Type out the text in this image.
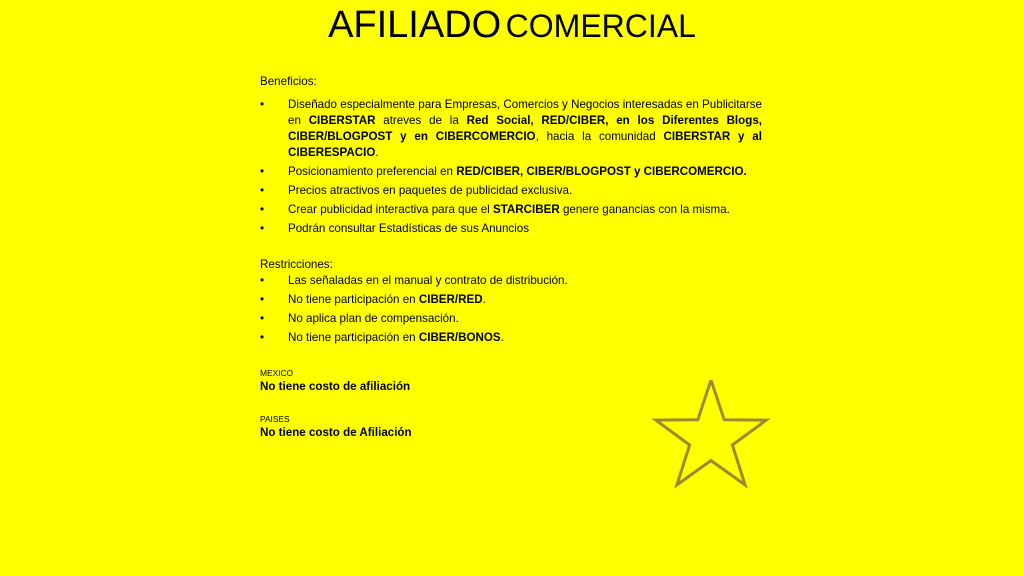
AFILIADO COMERCIAL

Beneficios:

• Diseñado especialmente para Empresas, Comercios y Negocios interesadas en Publicitarse en CIBERSTAR atreves de la Red Social, RED/CIBER, en los Diferentes Blogs, CIBER/BLOGPOST y en CIBERCOMERCIO, hacia la comunidad CIBERSTAR y al CIBERESPACIO.
• Posicionamiento preferencial en RED/CIBER, CIBER/BLOGPOST y CIBERCOMERCIO.
• Precios atractivos en paquetes de publicidad exclusiva.
• Crear publicidad interactiva para que el STARCIBER genere ganancias con la misma.
• Podrán consultar Estadísticas de sus Anuncios

Restricciones:

• Las señaladas en el manual y contrato de distribución.
• No tiene participación en CIBER/RED.
• No aplica plan de compensación.
• No tiene participación en CIBER/BONOS.
MEXICO
No tiene costo de afiliación
PAISES
No tiene costo de Afiliación
